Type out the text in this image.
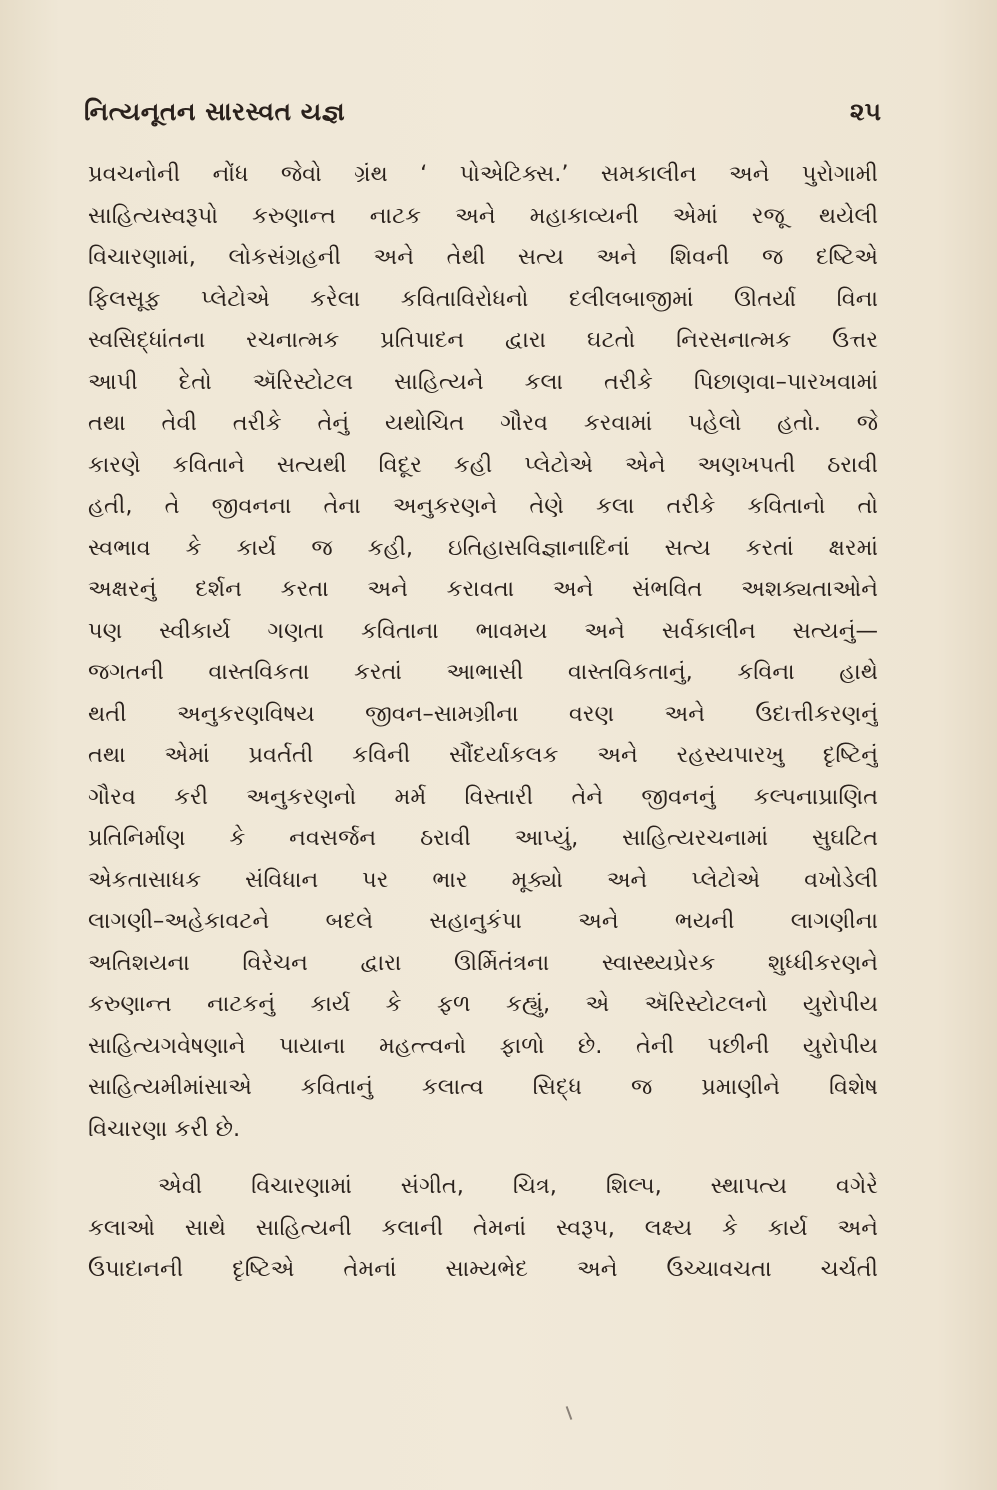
નિત્યનૂતન સારસ્વત યજ્ઞ	૨૫
પ્રવચનોની નોંધ જેવો ગ્રંથ ‘ પોએટિક્સ.’ સમકાલીન અને પુરોગામી
સાહિત્યસ્વરૂપો કરુણાન્ત નાટક અને મહાકાવ્યની એમાં રજૂ થયેલી
વિચારણામાં, લોકસંગ્રહની અને તેથી સત્ય અને શિવની જ દષ્ટિએ
ફિલસૂફ પ્લેટોએ કરેલા કવિતાવિરોધનો દલીલબાજીમાં ઊતર્યા વિના
સ્વસિદ્ધાંતના રચનાત્મક પ્રતિપાદન દ્વારા ઘટતો નિરસનાત્મક ઉત્તર
આપી દેતો ઍરિસ્ટોટલ સાહિત્યને કલા તરીકે પિછાણવા–પારખવામાં
તથા તેવી તરીકે તેનું યથોચિત ગૌરવ કરવામાં પહેલો હતો. જે
કારણે કવિતાને સત્યથી વિદૂર કહી પ્લેટોએ એને અણખપતી ઠરાવી
હતી, તે જીવનના તેના અનુકરણને તેણે કલા તરીકે કવિતાનો તો
સ્વભાવ કે કાર્ય જ કહી, ઇતિહાસવિજ્ઞાનાદિનાં સત્ય કરતાં ક્ષરમાં
અક્ષરનું દર્શન કરતા અને કરાવતા અને સંભવિત અશક્યતાઓને
પણ સ્વીકાર્ય ગણતા કવિતાના ભાવમય અને સર્વકાલીન સત્યનું—
જગતની વાસ્તવિકતા કરતાં આભાસી વાસ્તવિકતાનું, કવિના હાથે
થતી અનુકરણવિષય જીવન–સામગ્રીના વરણ અને ઉદાત્તીકરણનું
તથા એમાં પ્રવર્તતી કવિની સૌંદર્યાકલક અને રહસ્યપારખુ દૃષ્ટિનું
ગૌરવ કરી અનુકરણનો મર્મ વિસ્તારી તેને જીવનનું કલ્પનાપ્રાણિત
પ્રતિનિર્માણ કે નવસર્જન ઠરાવી આપ્યું, સાહિત્યરચનામાં સુઘટિત
એકતાસાધક સંવિધાન પર ભાર મૂક્યો અને પ્લેટોએ વખોડેલી
લાગણી–અહેકાવટને બદલે સહાનુકંપા અને ભયની લાગણીના
અતિશયના વિરેચન દ્વારા ઊર્મિતંત્રના સ્વાસ્થ્યપ્રેરક શુધ્ધીકરણને
કરુણાન્ત નાટકનું કાર્ય કે ફળ કહ્યું, એ ઍરિસ્ટોટલનો યુરોપીય
સાહિત્યગવેષણાને પાયાના મહત્ત્વનો ફાળો છે. તેની પછીની યુરોપીય
સાહિત્યમીમાંસાએ કવિતાનું કલાત્વ સિદ્ધ જ પ્રમાણીને વિશેષ
વિચારણા કરી છે.
એવી વિચારણામાં સંગીત, ચિત્ર, શિલ્પ, સ્થાપત્ય વગેરે
કલાઓ સાથે સાહિત્યની કલાની તેમનાં સ્વરૂપ, લક્ષ્ય કે કાર્ય અને
ઉપાદાનની દૃષ્ટિએ તેમનાં સામ્યભેદ અને ઉચ્ચાવચતા ચર્ચતી
